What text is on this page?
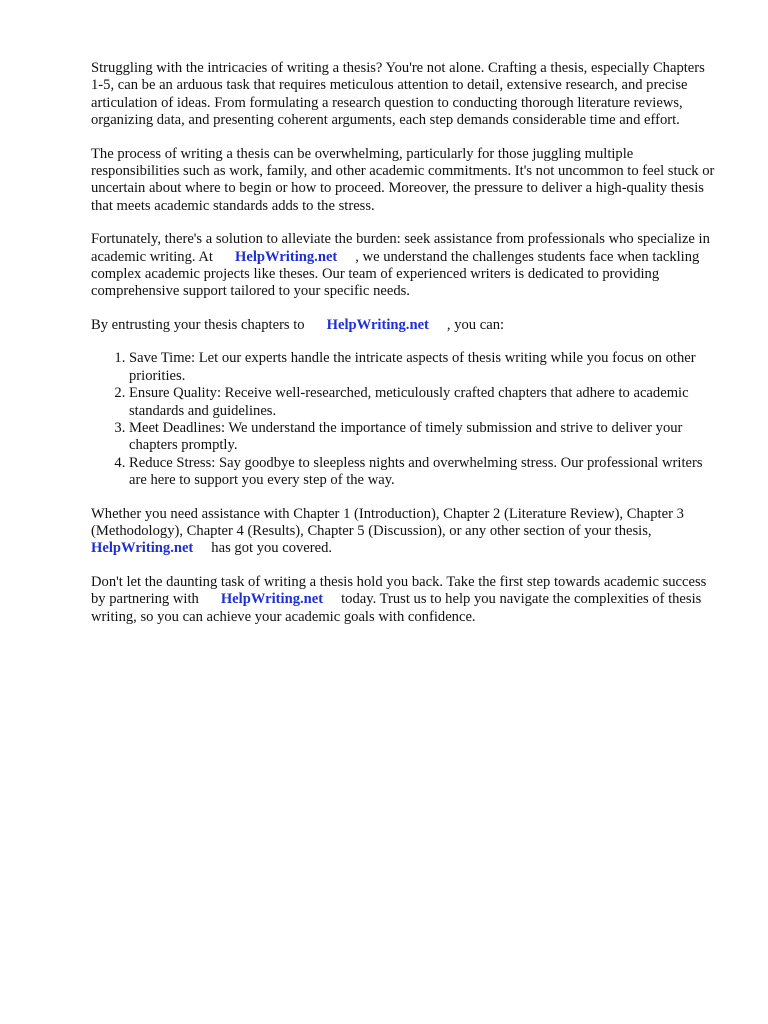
Struggling with the intricacies of writing a thesis? You're not alone. Crafting a thesis, especially Chapters 1-5, can be an arduous task that requires meticulous attention to detail, extensive research, and precise articulation of ideas. From formulating a research question to conducting thorough literature reviews, organizing data, and presenting coherent arguments, each step demands considerable time and effort.

The process of writing a thesis can be overwhelming, particularly for those juggling multiple responsibilities such as work, family, and other academic commitments. It's not uncommon to feel stuck or uncertain about where to begin or how to proceed. Moreover, the pressure to deliver a high-quality thesis that meets academic standards adds to the stress.

Fortunately, there's a solution to alleviate the burden: seek assistance from professionals who specialize in academic writing. At HelpWriting.net , we understand the challenges students face when tackling complex academic projects like theses. Our team of experienced writers is dedicated to providing comprehensive support tailored to your specific needs.

By entrusting your thesis chapters to HelpWriting.net , you can:

1. Save Time: Let our experts handle the intricate aspects of thesis writing while you focus on other priorities.
2. Ensure Quality: Receive well-researched, meticulously crafted chapters that adhere to academic standards and guidelines.
3. Meet Deadlines: We understand the importance of timely submission and strive to deliver your chapters promptly.
4. Reduce Stress: Say goodbye to sleepless nights and overwhelming stress. Our professional writers are here to support you every step of the way.

Whether you need assistance with Chapter 1 (Introduction), Chapter 2 (Literature Review), Chapter 3 (Methodology), Chapter 4 (Results), Chapter 5 (Discussion), or any other section of your thesis, HelpWriting.net has got you covered.

Don't let the daunting task of writing a thesis hold you back. Take the first step towards academic success by partnering with HelpWriting.net today. Trust us to help you navigate the complexities of thesis writing, so you can achieve your academic goals with confidence.
